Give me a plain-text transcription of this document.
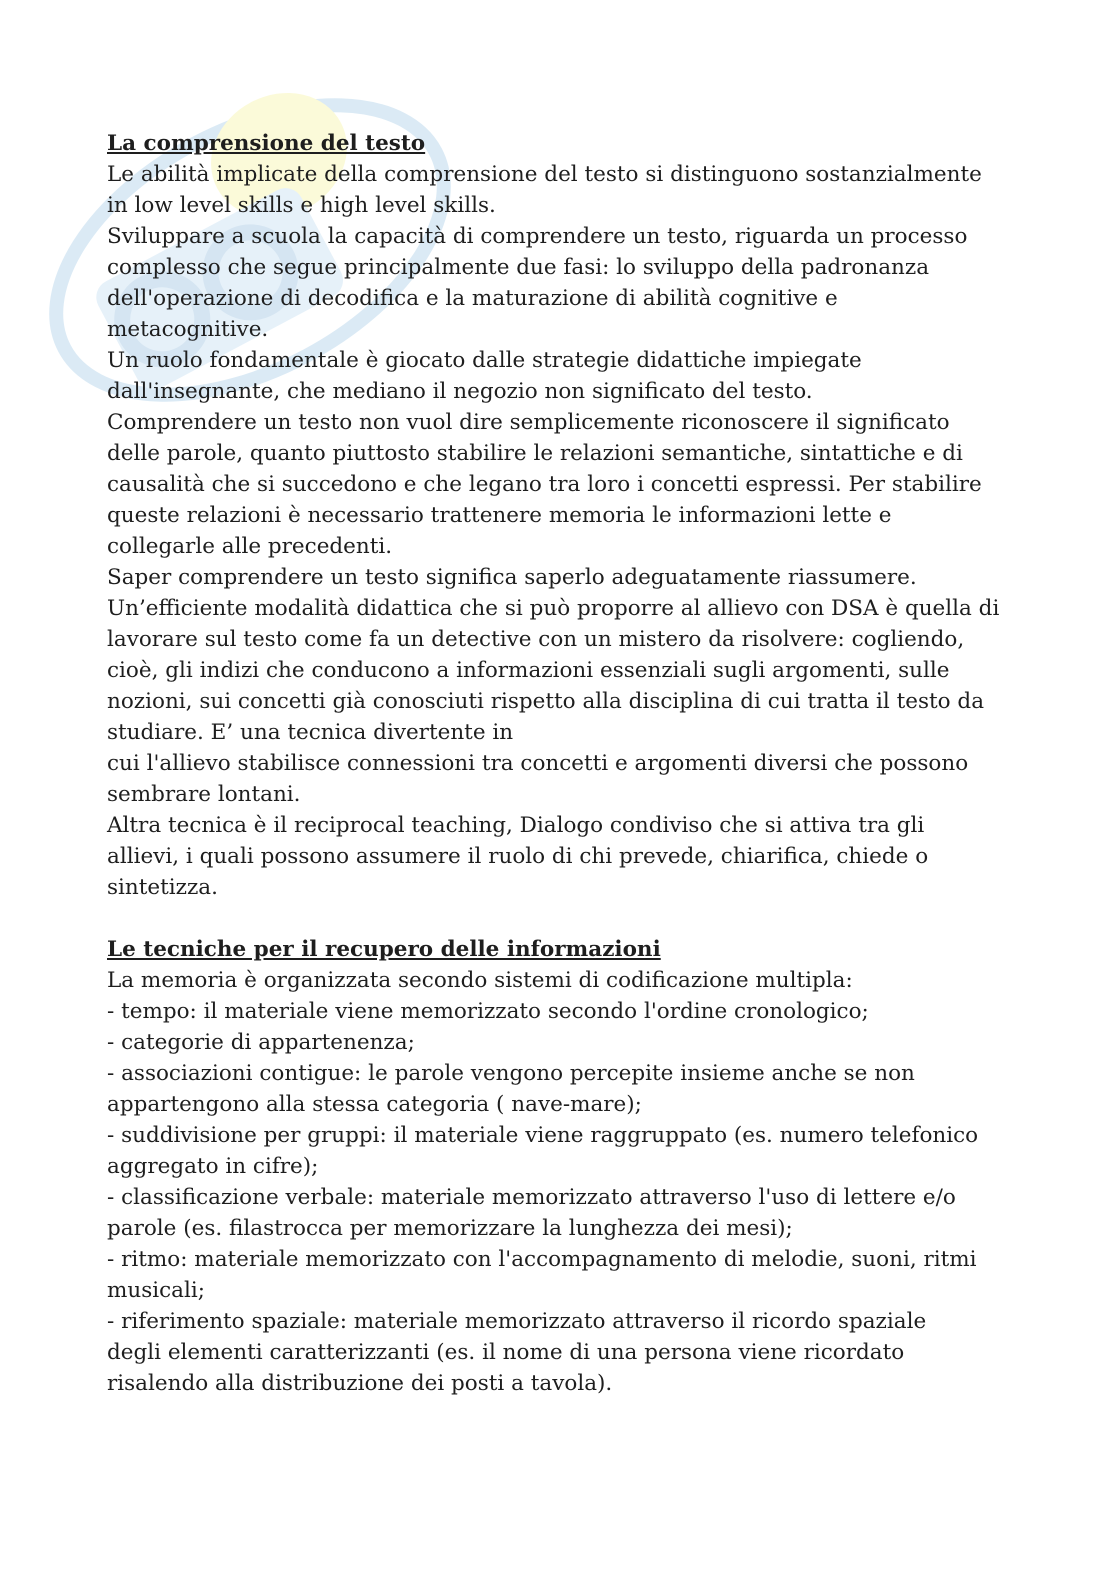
La comprensione del testo

Le abilità implicate della comprensione del testo si distinguono sostanzialmente

in low level skills e high level skills.

Sviluppare a scuola la capacità di comprendere un testo, riguarda un processo

complesso che segue principalmente due fasi: lo sviluppo della padronanza

dell'operazione di decodifica e la maturazione di abilità cognitive e

metacognitive.

Un ruolo fondamentale è giocato dalle strategie didattiche impiegate

dall'insegnante, che mediano il negozio non significato del testo.

Comprendere un testo non vuol dire semplicemente riconoscere il significato

delle parole, quanto piuttosto stabilire le relazioni semantiche, sintattiche e di

causalità che si succedono e che legano tra loro i concetti espressi. Per stabilire

queste relazioni è necessario trattenere memoria le informazioni lette e

collegarle alle precedenti.

Saper comprendere un testo significa saperlo adeguatamente riassumere.

Un’efficiente modalità didattica che si può proporre al allievo con DSA è quella di

lavorare sul testo come fa un detective con un mistero da risolvere: cogliendo,

cioè, gli indizi che conducono a informazioni essenziali sugli argomenti, sulle

nozioni, sui concetti già conosciuti rispetto alla disciplina di cui tratta il testo da

studiare. E’ una tecnica divertente in

cui l'allievo stabilisce connessioni tra concetti e argomenti diversi che possono

sembrare lontani.

Altra tecnica è il reciprocal teaching, Dialogo condiviso che si attiva tra gli

allievi, i quali possono assumere il ruolo di chi prevede, chiarifica, chiede o

sintetizza.

Le tecniche per il recupero delle informazioni

La memoria è organizzata secondo sistemi di codificazione multipla:

- tempo: il materiale viene memorizzato secondo l'ordine cronologico;

- categorie di appartenenza;

- associazioni contigue: le parole vengono percepite insieme anche se non

appartengono alla stessa categoria ( nave-mare);

- suddivisione per gruppi: il materiale viene raggruppato (es. numero telefonico

aggregato in cifre);

- classificazione verbale: materiale memorizzato attraverso l'uso di lettere e/o

parole (es. filastrocca per memorizzare la lunghezza dei mesi);

- ritmo: materiale memorizzato con l'accompagnamento di melodie, suoni, ritmi

musicali;

- riferimento spaziale: materiale memorizzato attraverso il ricordo spaziale

degli elementi caratterizzanti (es. il nome di una persona viene ricordato

risalendo alla distribuzione dei posti a tavola).
